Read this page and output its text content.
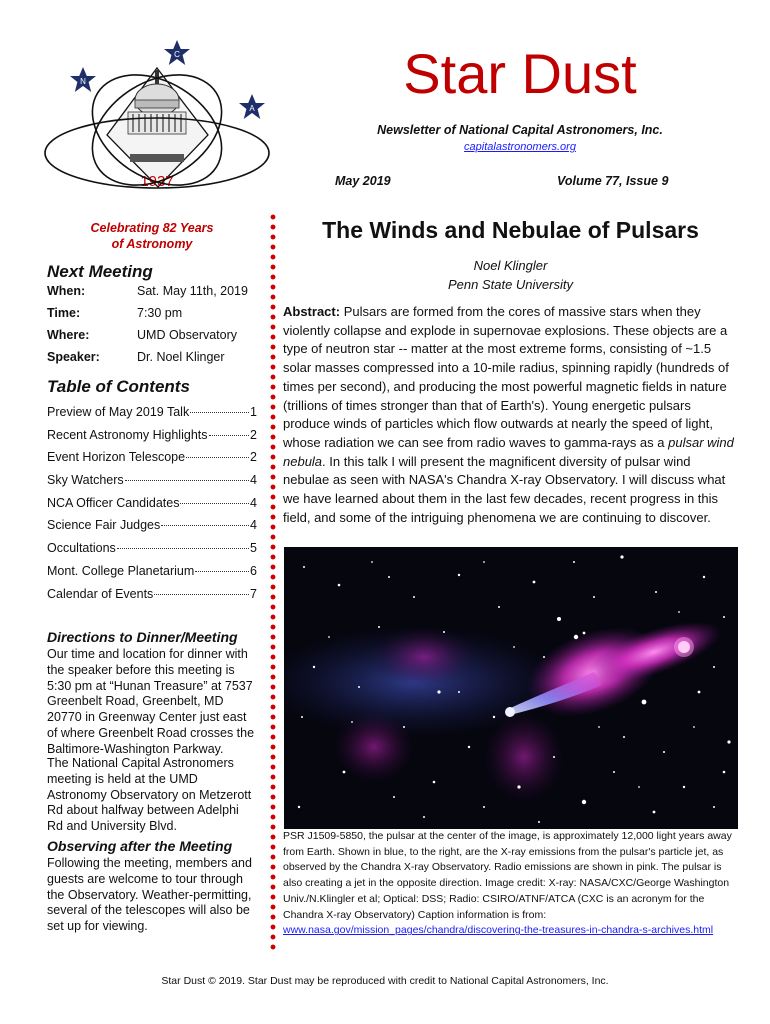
1937
N
C
A
Star Dust
Newsletter of National Capital Astronomers, Inc.
capitalastronomers.org
May 2019	Volume 77, Issue 9
Celebrating 82 Years
of Astronomy
Next Meeting
When:	Sat. May 11th, 2019
Time:	7:30 pm
Where:	UMD Observatory
Speaker:	Dr. Noel Klinger
Table of Contents
Preview of May 2019 Talk	1
Recent Astronomy Highlights	2
Event Horizon Telescope	2
Sky Watchers	4
NCA Officer Candidates	4
Science Fair Judges	4
Occultations	5
Mont. College Planetarium	6
Calendar of Events	7
Directions to Dinner/Meeting
Our time and location for dinner with the speaker before this meeting is 5:30 pm at “Hunan Treasure” at 7537 Greenbelt Road, Greenbelt, MD 20770 in Greenway Center just east of where Greenbelt Road crosses the Baltimore-Washington Parkway.
The National Capital Astronomers meeting is held at the UMD Astronomy Observatory on Metzerott Rd about halfway between Adelphi Rd and University Blvd.
Observing after the Meeting
Following the meeting, members and guests are welcome to tour through the Observatory. Weather-permitting, several of the telescopes will also be set up for viewing.
The Winds and Nebulae of Pulsars
Noel Klingler
Penn State University
Abstract: Pulsars are formed from the cores of massive stars when they violently collapse and explode in supernovae explosions. These objects are a type of neutron star -- matter at the most extreme forms, consisting of ~1.5 solar masses compressed into a 10-mile radius, spinning rapidly (hundreds of times per second), and producing the most powerful magnetic fields in nature (trillions of times stronger than that of Earth's). Young energetic pulsars produce winds of particles which flow outwards at nearly the speed of light, whose radiation we can see from radio waves to gamma-rays as a pulsar wind nebula. In this talk I will present the magnificent diversity of pulsar wind nebulae as seen with NASA's Chandra X-ray Observatory. I will discuss what we have learned about them in the last few decades, recent progress in this field, and some of the intriguing phenomena we are continuing to discover.
PSR J1509-5850, the pulsar at the center of the image, is approximately 12,000 light years away from Earth. Shown in blue, to the right, are the X-ray emissions from the pulsar's particle jet, as observed by the Chandra X-ray Observatory. Radio emissions are shown in pink. The pulsar is also creating a jet in the opposite direction. Image credit: X-ray: NASA/CXC/George Washington Univ./N.Klingler et al; Optical: DSS; Radio: CSIRO/ATNF/ATCA (CXC is an acronym for the Chandra X-ray Observatory) Caption information is from: www.nasa.gov/mission_pages/chandra/discovering-the-treasures-in-chandra-s-archives.html
Star Dust © 2019. Star Dust may be reproduced with credit to National Capital Astronomers, Inc.
